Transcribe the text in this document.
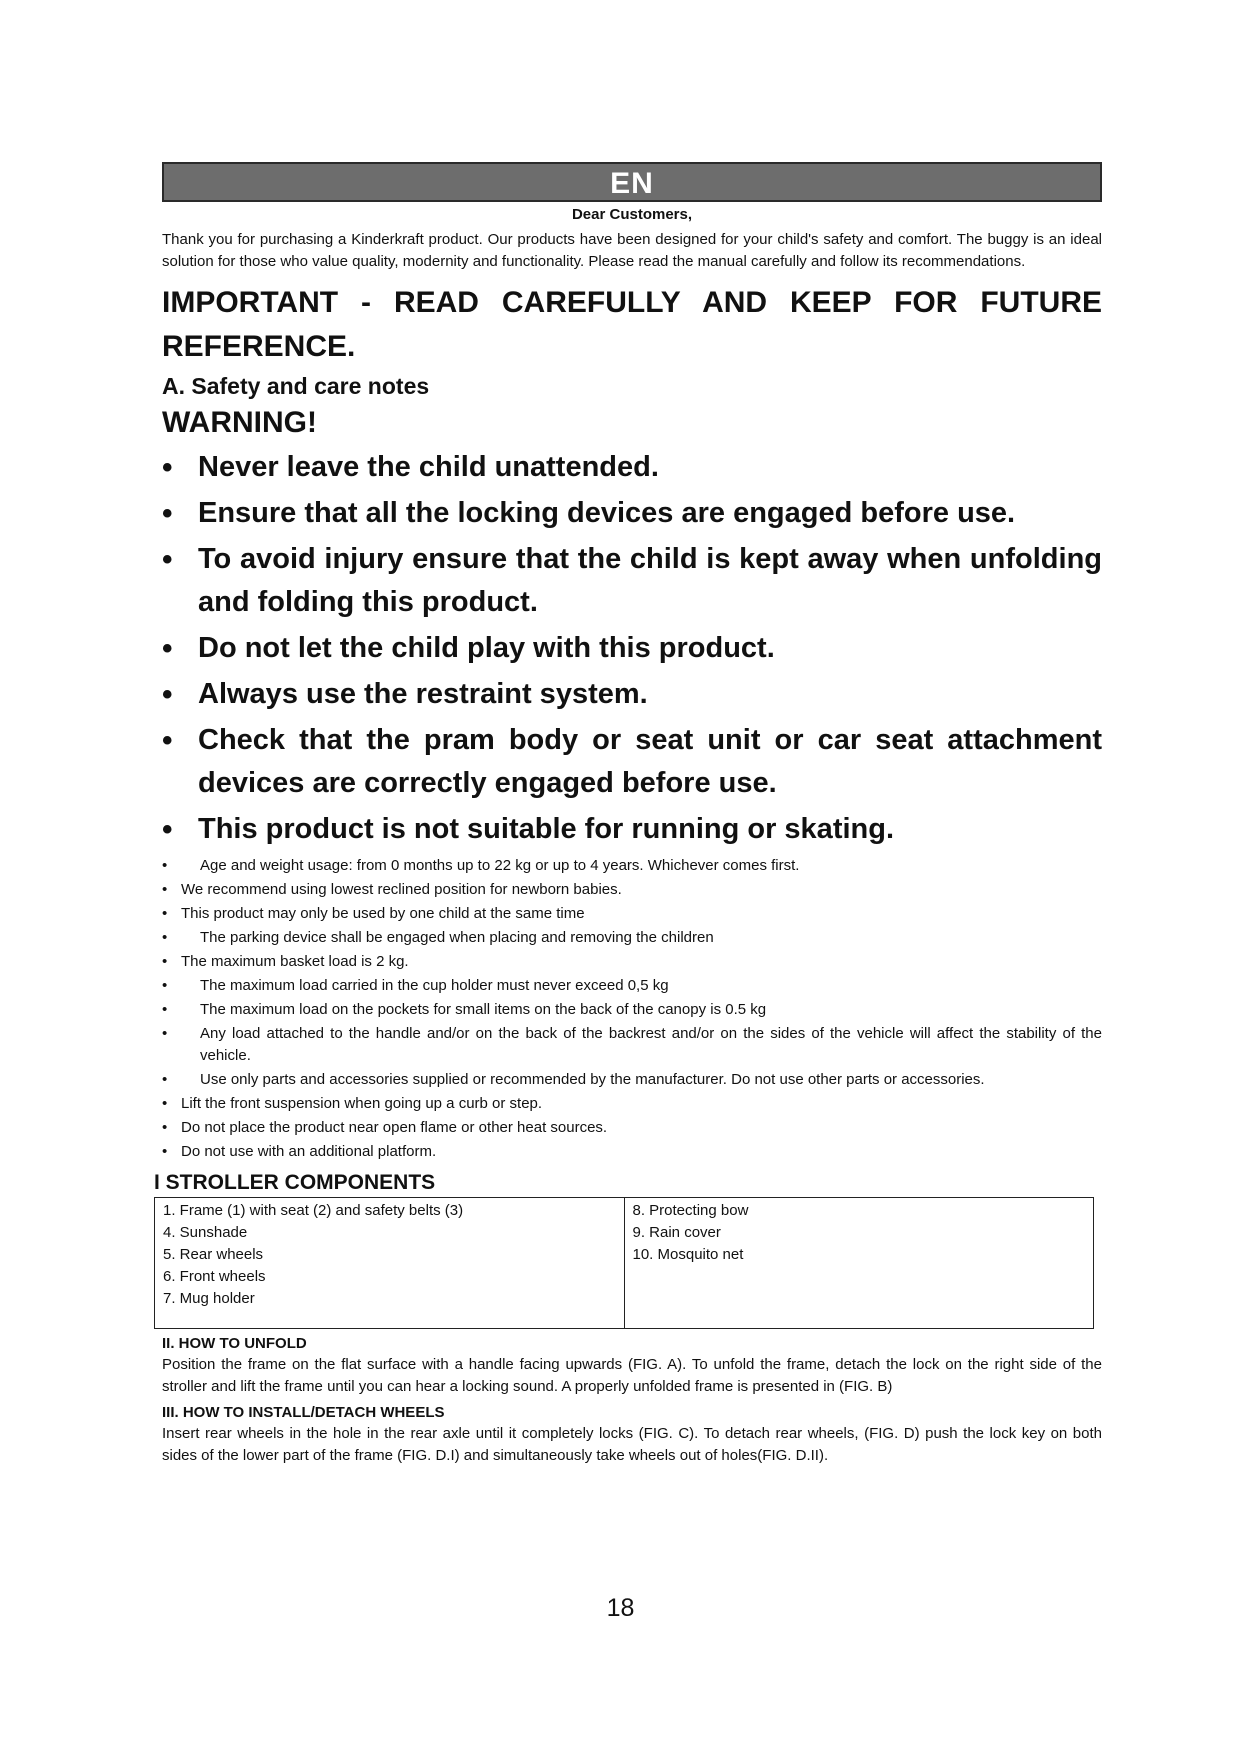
EN
Dear Customers,
Thank you for purchasing a Kinderkraft product. Our products have been designed for your child's safety and comfort. The buggy is an ideal solution for those who value quality, modernity and functionality. Please read the manual carefully and follow its recommendations.
IMPORTANT - READ CAREFULLY AND KEEP FOR FUTURE REFERENCE.
A. Safety and care notes
WARNING!
• Never leave the child unattended.
• Ensure that all the locking devices are engaged before use.
• To avoid injury ensure that the child is kept away when unfolding and folding this product.
• Do not let the child play with this product.
• Always use the restraint system.
• Check that the pram body or seat unit or car seat attachment devices are correctly engaged before use.
• This product is not suitable for running or skating.
• Age and weight usage: from 0 months up to 22 kg or up to 4 years. Whichever comes first.
• We recommend using lowest reclined position for newborn babies.
• This product may only be used by one child at the same time
• The parking device shall be engaged when placing and removing the children
• The maximum basket load is 2 kg.
• The maximum load carried in the cup holder must never exceed 0,5 kg
• The maximum load on the pockets for small items on the back of the canopy is 0.5 kg
• Any load attached to the handle and/or on the back of the backrest and/or on the sides of the vehicle will affect the stability of the vehicle.
• Use only parts and accessories supplied or recommended by the manufacturer. Do not use other parts or accessories.
• Lift the front suspension when going up a curb or step.
• Do not place the product near open flame or other heat sources.
• Do not use with an additional platform.
I STROLLER COMPONENTS
1. Frame (1) with seat (2) and safety belts (3)
4. Sunshade
5. Rear wheels
6. Front wheels
7. Mug holder

8. Protecting bow
9. Rain cover
10. Mosquito net
II. HOW TO UNFOLD
Position the frame on the flat surface with a handle facing upwards (FIG. A). To unfold the frame, detach the lock on the right side of the stroller and lift the frame until you can hear a locking sound. A properly unfolded frame is presented in (FIG. B)
III. HOW TO INSTALL/DETACH WHEELS
Insert rear wheels in the hole in the rear axle until it completely locks (FIG. C). To detach rear wheels, (FIG. D) push the lock key on both sides of the lower part of the frame (FIG. D.I) and simultaneously take wheels out of holes(FIG. D.II).
18
